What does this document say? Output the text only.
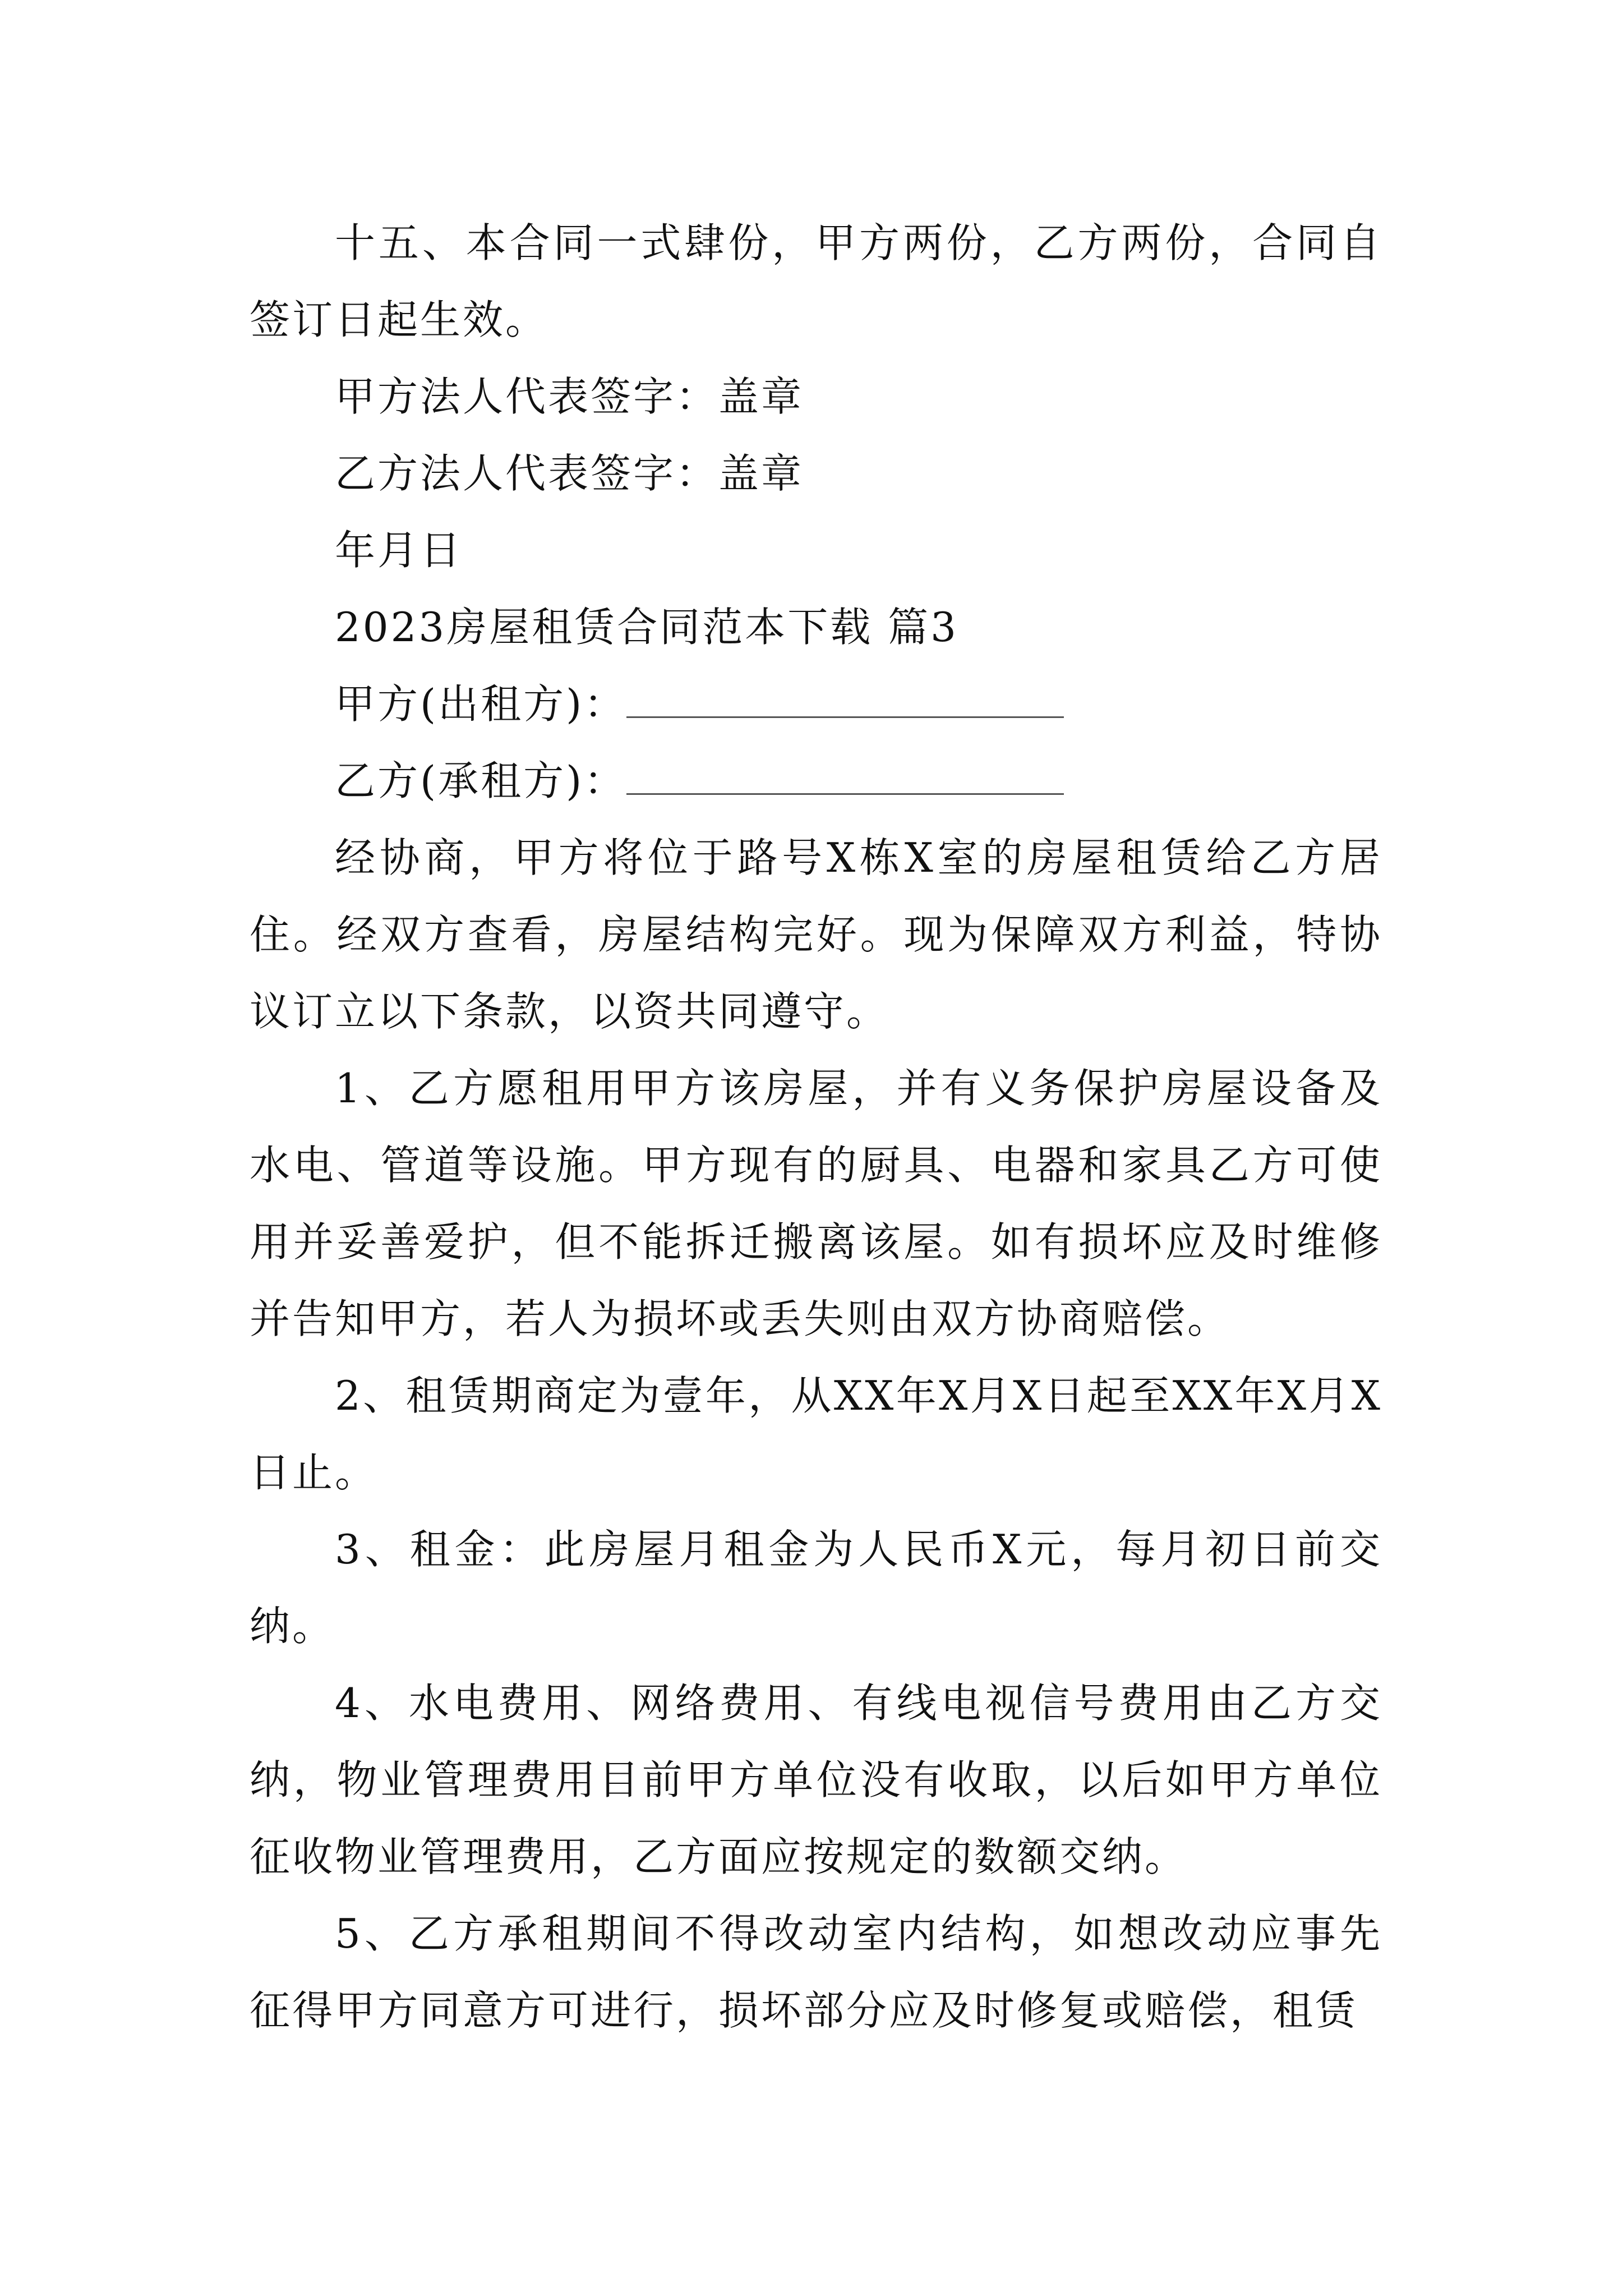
十五、本合同一式肆份，甲方两份，乙方两份，合同自签订日起生效。

甲方法人代表签字：盖章

乙方法人代表签字：盖章

年月日

2023房屋租赁合同范本下载 篇3

甲方(出租方)：

乙方(承租方)：

经协商，甲方将位于路号X栋X室的房屋租赁给乙方居住。经双方查看，房屋结构完好。现为保障双方利益，特协议订立以下条款，以资共同遵守。

1、乙方愿租用甲方该房屋，并有义务保护房屋设备及水电、管道等设施。甲方现有的厨具、电器和家具乙方可使用并妥善爱护，但不能拆迁搬离该屋。如有损坏应及时维修并告知甲方，若人为损坏或丢失则由双方协商赔偿。

2、租赁期商定为壹年，从XX年X月X日起至XX年X月X日止。

3、租金：此房屋月租金为人民币X元，每月初日前交纳。

4、水电费用、网络费用、有线电视信号费用由乙方交纳，物业管理费用目前甲方单位没有收取，以后如甲方单位征收物业管理费用，乙方面应按规定的数额交纳。

5、乙方承租期间不得改动室内结构，如想改动应事先征得甲方同意方可进行，损坏部分应及时修复或赔偿，租赁
